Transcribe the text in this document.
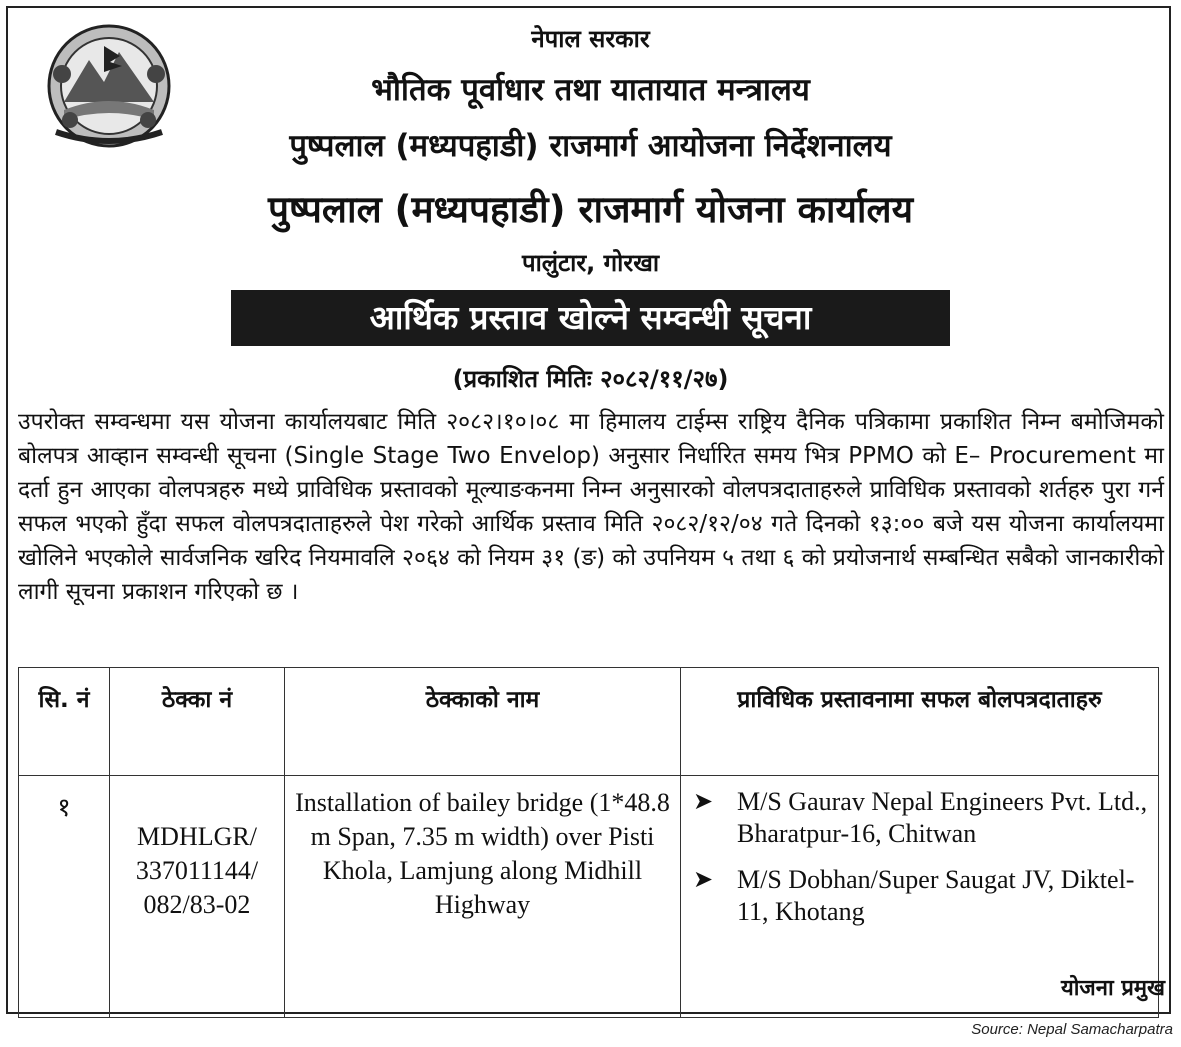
नेपाल सरकार
भौतिक पूर्वाधार तथा यातायात मन्त्रालय
पुष्पलाल (मध्यपहाडी) राजमार्ग आयोजना निर्देशनालय
पुष्पलाल (मध्यपहाडी) राजमार्ग योजना कार्यालय
पालुंटार, गोरखा
आर्थिक प्रस्ताव खोल्ने सम्वन्धी सूचना
(प्रकाशित मितिः २०८२/११/२७)
उपरोक्त सम्वन्धमा यस योजना कार्यालयबाट मिति २०८२।१०।०८ मा हिमालय टाईम्स राष्ट्रिय दैनिक पत्रिकामा प्रकाशित निम्न बमोजिमको बोलपत्र आव्हान सम्वन्धी सूचना (Single Stage Two Envelop) अनुसार निर्धारित समय भित्र PPMO को E– Procurement मा दर्ता हुन आएका वोलपत्रहरु मध्ये प्राविधिक प्रस्तावको मूल्याङकनमा निम्न अनुसारको वोलपत्रदाताहरुले प्राविधिक प्रस्तावको शर्तहरु पुरा गर्न सफल भएको हुँदा सफल वोलपत्रदाताहरुले पेश गरेको आर्थिक प्रस्ताव मिति २०८२/१२/०४ गते दिनको १३:०० बजे यस योजना कार्यालयमा खोलिने भएकोले सार्वजनिक खरिद नियमावलि २०६४ को नियम ३१ (ङ) को उपनियम ५ तथा ६ को प्रयोजनार्थ सम्बन्धित सबैको जानकारीको लागी सूचना प्रकाशन गरिएको छ ।
सि. नं	ठेक्का नं	ठेक्काको नाम	प्राविधिक प्रस्तावनामा सफल बोलपत्रदाताहरु
१	MDHLGR/ 337011144/ 082/83-02	Installation of bailey bridge (1*48.8 m Span, 7.35 m width) over Pisti Khola, Lamjung along Midhill Highway	➤ M/S Gaurav Nepal Engineers Pvt. Ltd., Bharatpur-16, Chitwan
➤ M/S Dobhan/Super Saugat JV, Diktel-11, Khotang
योजना प्रमुख
Source: Nepal Samacharpatra
